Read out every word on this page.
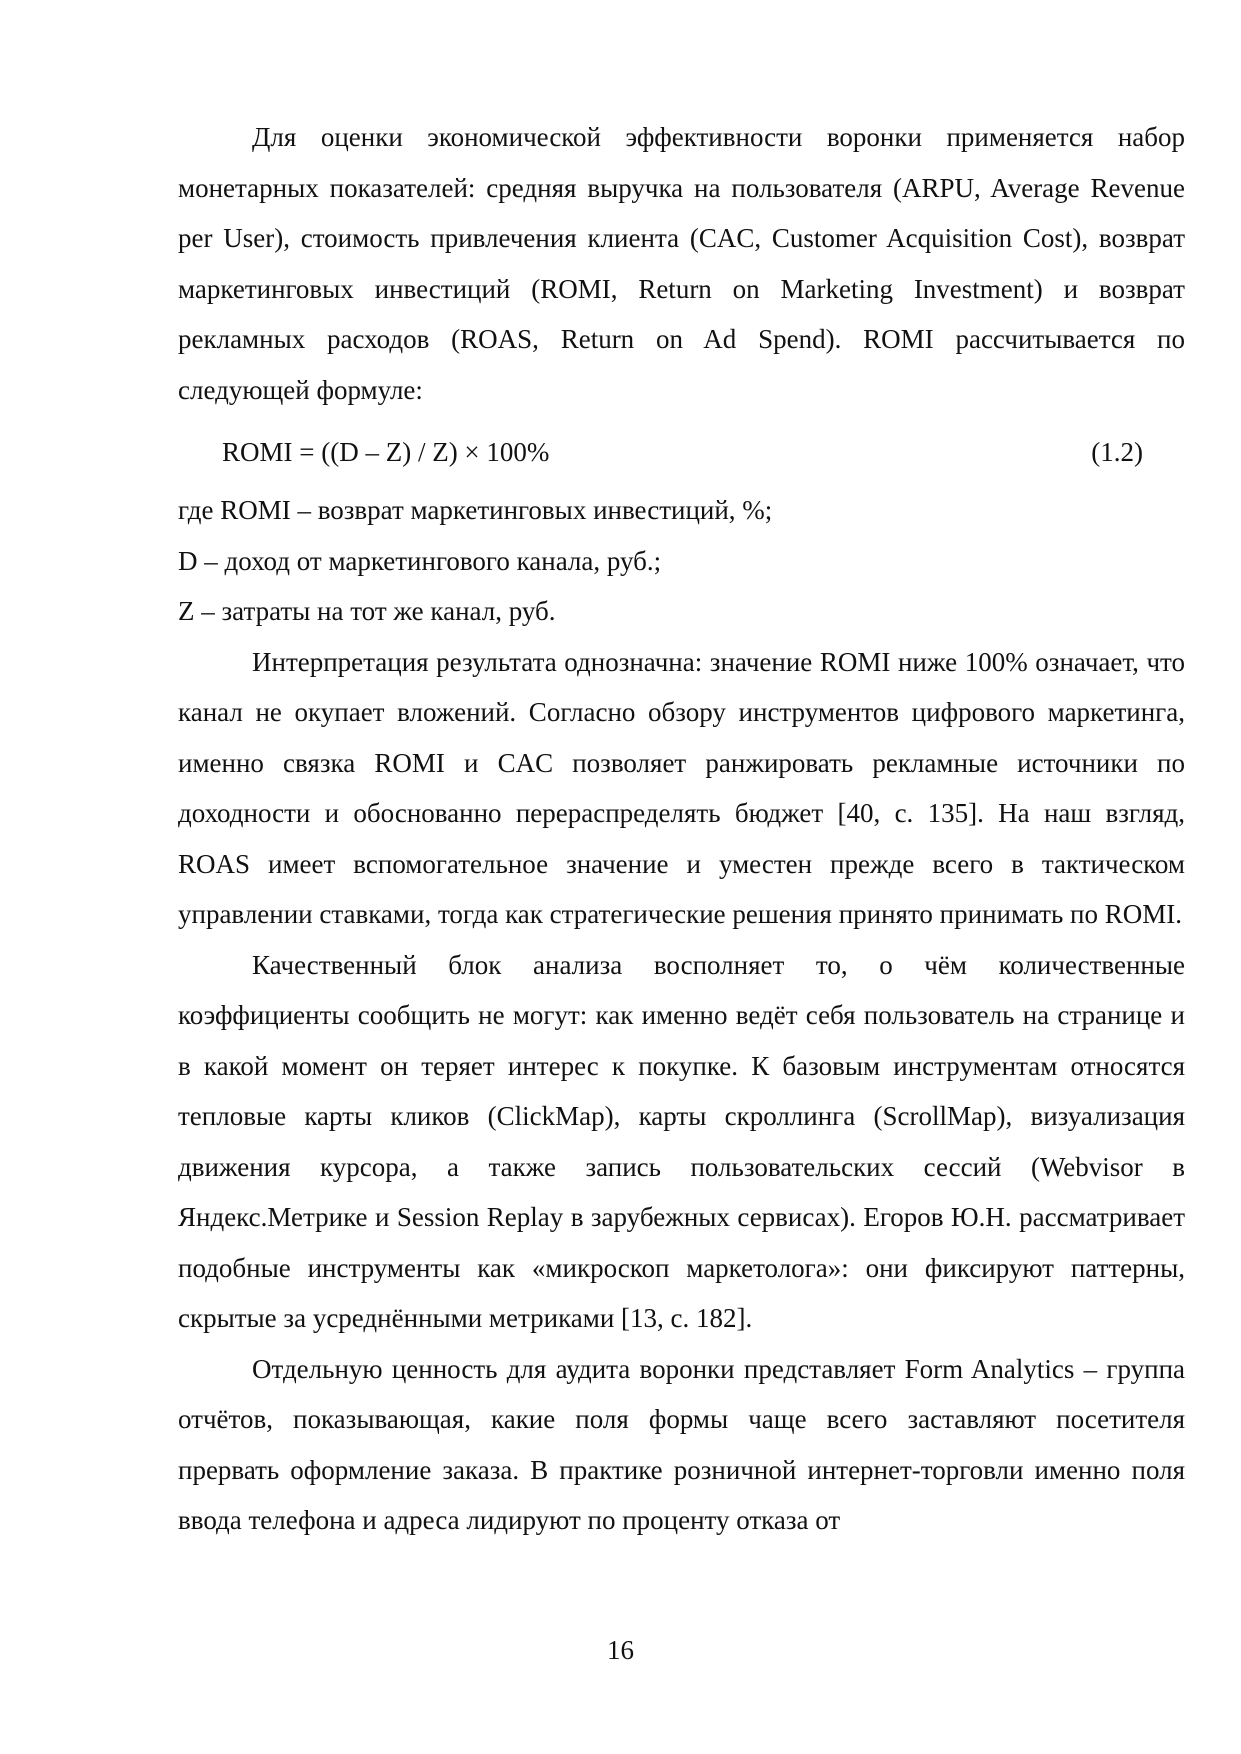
Для оценки экономической эффективности воронки применяется набор монетарных показателей: средняя выручка на пользователя (ARPU, Average Revenue per User), стоимость привлечения клиента (CAC, Customer Acquisition Cost), возврат маркетинговых инвестиций (ROMI, Return on Marketing Investment) и возврат рекламных расходов (ROAS, Return on Ad Spend). ROMI рассчитывается по следующей формуле:

ROMI = ((D – Z) / Z) × 100%	(1.2)

где ROMI – возврат маркетинговых инвестиций, %;

D – доход от маркетингового канала, руб.;

Z – затраты на тот же канал, руб.

Интерпретация результата однозначна: значение ROMI ниже 100% означает, что канал не окупает вложений. Согласно обзору инструментов цифрового маркетинга, именно связка ROMI и CAC позволяет ранжировать рекламные источники по доходности и обоснованно перераспределять бюджет [40, с. 135]. На наш взгляд, ROAS имеет вспомогательное значение и уместен прежде всего в тактическом управлении ставками, тогда как стратегические решения принято принимать по ROMI.

Качественный блок анализа восполняет то, о чём количественные коэффициенты сообщить не могут: как именно ведёт себя пользователь на странице и в какой момент он теряет интерес к покупке. К базовым инструментам относятся тепловые карты кликов (ClickMap), карты скроллинга (ScrollMap), визуализация движения курсора, а также запись пользовательских сессий (Webvisor в Яндекс.Метрике и Session Replay в зарубежных сервисах). Егоров Ю.Н. рассматривает подобные инструменты как «микроскоп маркетолога»: они фиксируют паттерны, скрытые за усреднёнными метриками [13, с. 182].

Отдельную ценность для аудита воронки представляет Form Analytics – группа отчётов, показывающая, какие поля формы чаще всего заставляют посетителя прервать оформление заказа. В практике розничной интернет-торговли именно поля ввода телефона и адреса лидируют по проценту отказа от

16
